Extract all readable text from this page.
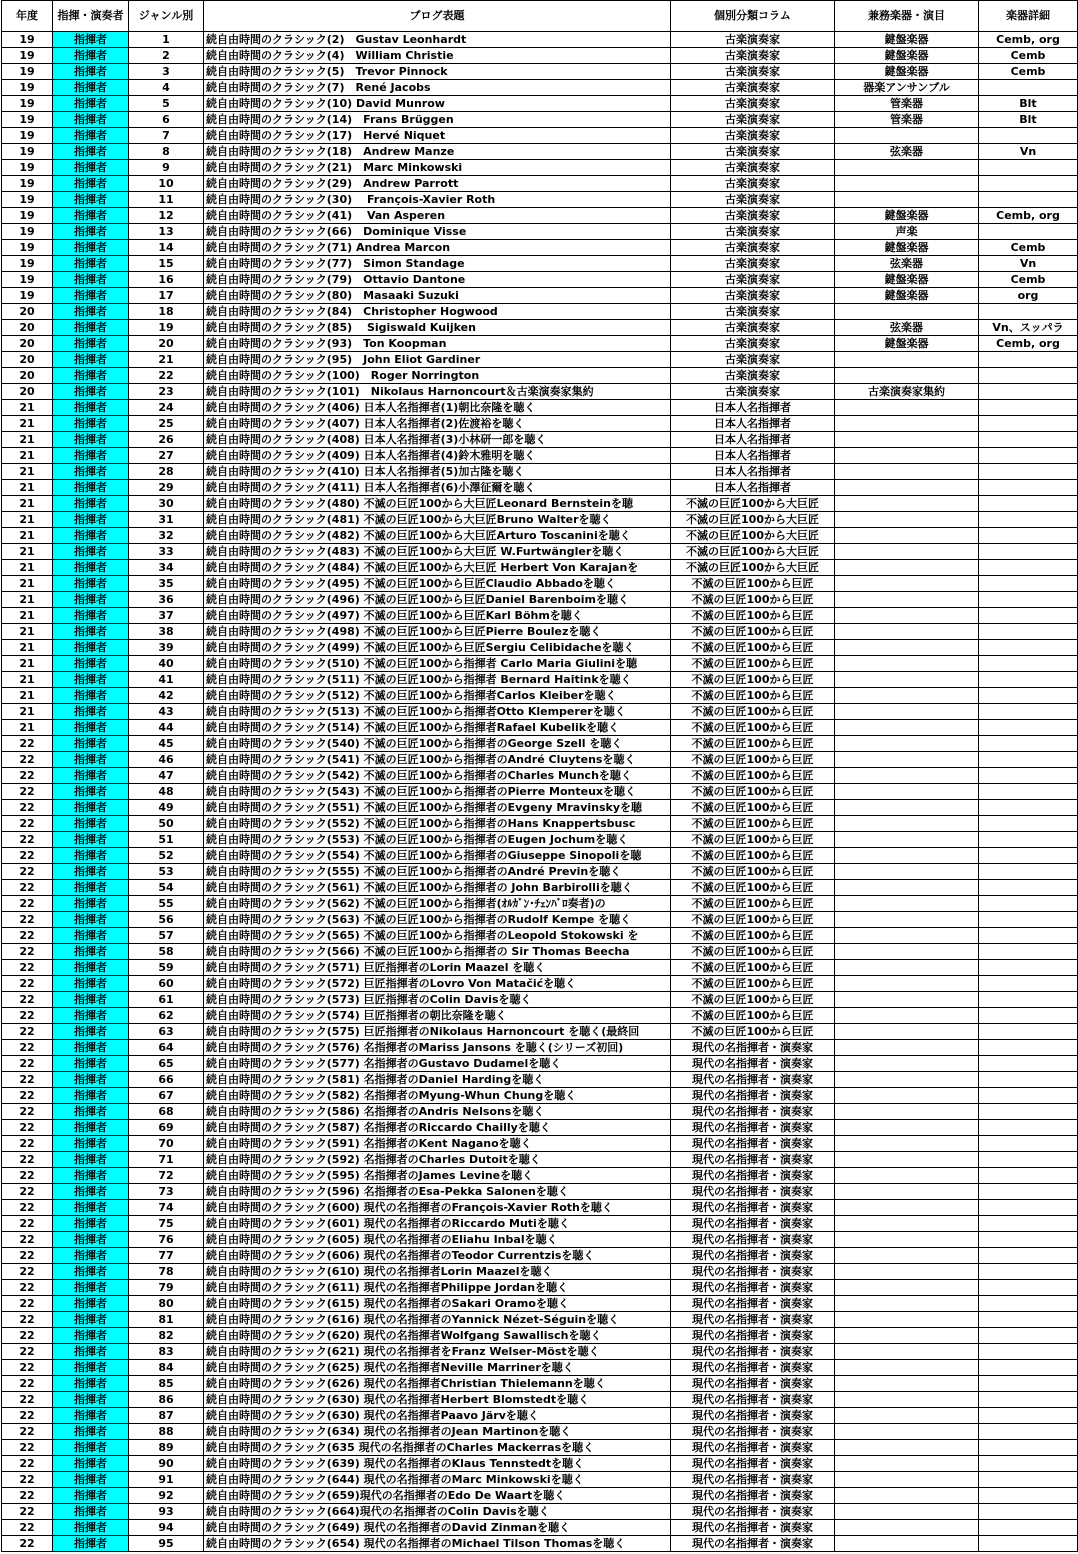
年度	指揮・演奏者	ジャンル別	ブログ表題	個別分類コラム	兼務楽器・演目	楽器詳細
19	指揮者	1	続自由時間のクラシック(2)　Gustav Leonhardt	古楽演奏家	鍵盤楽器	Cemb, org
19	指揮者	2	続自由時間のクラシック(4)　William Christie	古楽演奏家	鍵盤楽器	Cemb
19	指揮者	3	続自由時間のクラシック(5)　Trevor Pinnock	古楽演奏家	鍵盤楽器	Cemb
19	指揮者	4	続自由時間のクラシック(7)　René Jacobs	古楽演奏家	器楽アンサンブル	
19	指揮者	5	続自由時間のクラシック(10) David Munrow	古楽演奏家	管楽器	Blt
19	指揮者	6	続自由時間のクラシック(14)　Frans Brüggen	古楽演奏家	管楽器	Blt
19	指揮者	7	続自由時間のクラシック(17)　Hervé Niquet	古楽演奏家		
19	指揮者	8	続自由時間のクラシック(18)　Andrew Manze	古楽演奏家	弦楽器	Vn
19	指揮者	9	続自由時間のクラシック(21)　Marc Minkowski	古楽演奏家		
19	指揮者	10	続自由時間のクラシック(29)　Andrew Parrott	古楽演奏家		
19	指揮者	11	続自由時間のクラシック(30)　 François-Xavier Roth	古楽演奏家		
19	指揮者	12	続自由時間のクラシック(41)　 Van Asperen	古楽演奏家	鍵盤楽器	Cemb, org
19	指揮者	13	続自由時間のクラシック(66)　Dominique Visse	古楽演奏家	声楽	
19	指揮者	14	続自由時間のクラシック(71) Andrea Marcon	古楽演奏家	鍵盤楽器	Cemb
19	指揮者	15	続自由時間のクラシック(77)　Simon Standage	古楽演奏家	弦楽器	Vn
19	指揮者	16	続自由時間のクラシック(79)　Ottavio Dantone	古楽演奏家	鍵盤楽器	Cemb
19	指揮者	17	続自由時間のクラシック(80)　Masaaki Suzuki	古楽演奏家	鍵盤楽器	org
20	指揮者	18	続自由時間のクラシック(84)　Christopher Hogwood	古楽演奏家		
20	指揮者	19	続自由時間のクラシック(85)　 Sigiswald Kuijken	古楽演奏家	弦楽器	Vn、スッパラ
20	指揮者	20	続自由時間のクラシック(93)　Ton Koopman	古楽演奏家	鍵盤楽器	Cemb, org
20	指揮者	21	続自由時間のクラシック(95)　John Eliot Gardiner	古楽演奏家		
20	指揮者	22	続自由時間のクラシック(100)　Roger Norrington	古楽演奏家		
20	指揮者	23	続自由時間のクラシック(101)　Nikolaus Harnoncourt＆古楽演奏家集約	古楽演奏家	古楽演奏家集約	
21	指揮者	24	続自由時間のクラシック(406) 日本人名指揮者(1)朝比奈隆を聴く	日本人名指揮者		
21	指揮者	25	続自由時間のクラシック(407) 日本人名指揮者(2)佐渡裕を聴く	日本人名指揮者		
21	指揮者	26	続自由時間のクラシック(408) 日本人名指揮者(3)小林研一郎を聴く	日本人名指揮者		
21	指揮者	27	続自由時間のクラシック(409) 日本人名指揮者(4)鈴木雅明を聴く	日本人名指揮者		
21	指揮者	28	続自由時間のクラシック(410) 日本人名指揮者(5)加古隆を聴く	日本人名指揮者		
21	指揮者	29	続自由時間のクラシック(411) 日本人名指揮者(6)小澤征爾を聴く	日本人名指揮者		
21	指揮者	30	続自由時間のクラシック(480) 不滅の巨匠100から大巨匠Leonard Bernsteinを聴	不滅の巨匠100から大巨匠		
21	指揮者	31	続自由時間のクラシック(481) 不滅の巨匠100から大巨匠Bruno Walterを聴く	不滅の巨匠100から大巨匠		
21	指揮者	32	続自由時間のクラシック(482) 不滅の巨匠100から大巨匠Arturo Toscaniniを聴く	不滅の巨匠100から大巨匠		
21	指揮者	33	続自由時間のクラシック(483) 不滅の巨匠100から大巨匠 W.Furtwänglerを聴く	不滅の巨匠100から大巨匠		
21	指揮者	34	続自由時間のクラシック(484) 不滅の巨匠100から大巨匠 Herbert Von Karajanを	不滅の巨匠100から大巨匠		
21	指揮者	35	続自由時間のクラシック(495) 不滅の巨匠100から巨匠Claudio Abbadoを聴く	不滅の巨匠100から巨匠		
21	指揮者	36	続自由時間のクラシック(496) 不滅の巨匠100から巨匠Daniel Barenboimを聴く	不滅の巨匠100から巨匠		
21	指揮者	37	続自由時間のクラシック(497) 不滅の巨匠100から巨匠Karl Böhmを聴く	不滅の巨匠100から巨匠		
21	指揮者	38	続自由時間のクラシック(498) 不滅の巨匠100から巨匠Pierre Boulezを聴く	不滅の巨匠100から巨匠		
21	指揮者	39	続自由時間のクラシック(499) 不滅の巨匠100から巨匠Sergiu Celibidacheを聴く	不滅の巨匠100から巨匠		
21	指揮者	40	続自由時間のクラシック(510) 不滅の巨匠100から指揮者 Carlo Maria Giuliniを聴	不滅の巨匠100から巨匠		
21	指揮者	41	続自由時間のクラシック(511) 不滅の巨匠100から指揮者 Bernard Haitinkを聴く	不滅の巨匠100から巨匠		
21	指揮者	42	続自由時間のクラシック(512) 不滅の巨匠100から指揮者Carlos Kleiberを聴く	不滅の巨匠100から巨匠		
21	指揮者	43	続自由時間のクラシック(513) 不滅の巨匠100から指揮者Otto Klempererを聴く	不滅の巨匠100から巨匠		
21	指揮者	44	続自由時間のクラシック(514) 不滅の巨匠100から指揮者Rafael Kubelikを聴く	不滅の巨匠100から巨匠		
22	指揮者	45	続自由時間のクラシック(540) 不滅の巨匠100から指揮者のGeorge Szell を聴く	不滅の巨匠100から巨匠		
22	指揮者	46	続自由時間のクラシック(541) 不滅の巨匠100から指揮者のAndré Cluytensを聴く	不滅の巨匠100から巨匠		
22	指揮者	47	続自由時間のクラシック(542) 不滅の巨匠100から指揮者のCharles Munchを聴く	不滅の巨匠100から巨匠		
22	指揮者	48	続自由時間のクラシック(543) 不滅の巨匠100から指揮者のPierre Monteuxを聴く	不滅の巨匠100から巨匠		
22	指揮者	49	続自由時間のクラシック(551) 不滅の巨匠100から指揮者のEvgeny Mravinskyを聴	不滅の巨匠100から巨匠		
22	指揮者	50	続自由時間のクラシック(552) 不滅の巨匠100から指揮者のHans Knappertsbusc	不滅の巨匠100から巨匠		
22	指揮者	51	続自由時間のクラシック(553) 不滅の巨匠100から指揮者のEugen Jochumを聴く	不滅の巨匠100から巨匠		
22	指揮者	52	続自由時間のクラシック(554) 不滅の巨匠100から指揮者のGiuseppe Sinopoliを聴	不滅の巨匠100から巨匠		
22	指揮者	53	続自由時間のクラシック(555) 不滅の巨匠100から指揮者のAndré Previnを聴く	不滅の巨匠100から巨匠		
22	指揮者	54	続自由時間のクラシック(561) 不滅の巨匠100から指揮者の John Barbirolliを聴く	不滅の巨匠100から巨匠		
22	指揮者	55	続自由時間のクラシック(562) 不滅の巨匠100から指揮者(ｵﾙｶﾞﾝ･ﾁｪﾝﾊﾞﾛ奏者)の	不滅の巨匠100から巨匠		
22	指揮者	56	続自由時間のクラシック(563) 不滅の巨匠100から指揮者のRudolf Kempe を聴く	不滅の巨匠100から巨匠		
22	指揮者	57	続自由時間のクラシック(565) 不滅の巨匠100から指揮者のLeopold Stokowski を	不滅の巨匠100から巨匠		
22	指揮者	58	続自由時間のクラシック(566) 不滅の巨匠100から指揮者の Sir Thomas Beecha	不滅の巨匠100から巨匠		
22	指揮者	59	続自由時間のクラシック(571) 巨匠指揮者のLorin Maazel を聴く	不滅の巨匠100から巨匠		
22	指揮者	60	続自由時間のクラシック(572) 巨匠指揮者のLovro Von Matačićを聴く	不滅の巨匠100から巨匠		
22	指揮者	61	続自由時間のクラシック(573) 巨匠指揮者のColin Davisを聴く	不滅の巨匠100から巨匠		
22	指揮者	62	続自由時間のクラシック(574) 巨匠指揮者の朝比奈隆を聴く	不滅の巨匠100から巨匠		
22	指揮者	63	続自由時間のクラシック(575) 巨匠指揮者のNikolaus Harnoncourt を聴く(最終回	不滅の巨匠100から巨匠		
22	指揮者	64	続自由時間のクラシック(576) 名指揮者のMariss Jansons を聴く(シリーズ初回)	現代の名指揮者・演奏家		
22	指揮者	65	続自由時間のクラシック(577) 名指揮者のGustavo Dudamelを聴く	現代の名指揮者・演奏家		
22	指揮者	66	続自由時間のクラシック(581) 名指揮者のDaniel Hardingを聴く	現代の名指揮者・演奏家		
22	指揮者	67	続自由時間のクラシック(582) 名指揮者のMyung-Whun Chungを聴く	現代の名指揮者・演奏家		
22	指揮者	68	続自由時間のクラシック(586) 名指揮者のAndris Nelsonsを聴く	現代の名指揮者・演奏家		
22	指揮者	69	続自由時間のクラシック(587) 名指揮者のRiccardo Chaillyを聴く	現代の名指揮者・演奏家		
22	指揮者	70	続自由時間のクラシック(591) 名指揮者のKent Naganoを聴く	現代の名指揮者・演奏家		
22	指揮者	71	続自由時間のクラシック(592) 名指揮者のCharles Dutoitを聴く	現代の名指揮者・演奏家		
22	指揮者	72	続自由時間のクラシック(595) 名指揮者のJames Levineを聴く	現代の名指揮者・演奏家		
22	指揮者	73	続自由時間のクラシック(596) 名指揮者のEsa-Pekka Salonenを聴く	現代の名指揮者・演奏家		
22	指揮者	74	続自由時間のクラシック(600) 現代の名指揮者のFrançois-Xavier Rothを聴く	現代の名指揮者・演奏家		
22	指揮者	75	続自由時間のクラシック(601) 現代の名指揮者のRiccardo Mutiを聴く	現代の名指揮者・演奏家		
22	指揮者	76	続自由時間のクラシック(605) 現代の名指揮者のEliahu Inbalを聴く	現代の名指揮者・演奏家		
22	指揮者	77	続自由時間のクラシック(606) 現代の名指揮者のTeodor Currentzisを聴く	現代の名指揮者・演奏家		
22	指揮者	78	続自由時間のクラシック(610) 現代の名指揮者Lorin Maazelを聴く	現代の名指揮者・演奏家		
22	指揮者	79	続自由時間のクラシック(611) 現代の名指揮者Philippe Jordanを聴く	現代の名指揮者・演奏家		
22	指揮者	80	続自由時間のクラシック(615) 現代の名指揮者のSakari Oramoを聴く	現代の名指揮者・演奏家		
22	指揮者	81	続自由時間のクラシック(616) 現代の名指揮者のYannick Nézet-Séguinを聴く	現代の名指揮者・演奏家		
22	指揮者	82	続自由時間のクラシック(620) 現代の名指揮者Wolfgang Sawallischを聴く	現代の名指揮者・演奏家		
22	指揮者	83	続自由時間のクラシック(621) 現代の名指揮者をFranz Welser-Möstを聴く	現代の名指揮者・演奏家		
22	指揮者	84	続自由時間のクラシック(625) 現代の名指揮者Neville Marrinerを聴く	現代の名指揮者・演奏家		
22	指揮者	85	続自由時間のクラシック(626) 現代の名指揮者Christian Thielemannを聴く	現代の名指揮者・演奏家		
22	指揮者	86	続自由時間のクラシック(630) 現代の名指揮者Herbert Blomstedtを聴く	現代の名指揮者・演奏家		
22	指揮者	87	続自由時間のクラシック(630) 現代の名指揮者Paavo Järvを聴く	現代の名指揮者・演奏家		
22	指揮者	88	続自由時間のクラシック(634) 現代の名指揮者のJean Martinonを聴く	現代の名指揮者・演奏家		
22	指揮者	89	続自由時間のクラシック(635 現代の名指揮者のCharles Mackerrasを聴く	現代の名指揮者・演奏家		
22	指揮者	90	続自由時間のクラシック(639) 現代の名指揮者のKlaus Tennstedtを聴く	現代の名指揮者・演奏家		
22	指揮者	91	続自由時間のクラシック(644) 現代の名指揮者のMarc Minkowskiを聴く	現代の名指揮者・演奏家		
22	指揮者	92	続自由時間のクラシック(659)現代の名指揮者のEdo De Waartを聴く	現代の名指揮者・演奏家		
22	指揮者	93	続自由時間のクラシック(664)現代の名指揮者のColin Davisを聴く	現代の名指揮者・演奏家		
22	指揮者	94	続自由時間のクラシック(649) 現代の名指揮者のDavid Zinmanを聴く	現代の名指揮者・演奏家		
22	指揮者	95	続自由時間のクラシック(654) 現代の名指揮者のMichael Tilson Thomasを聴く	現代の名指揮者・演奏家		
